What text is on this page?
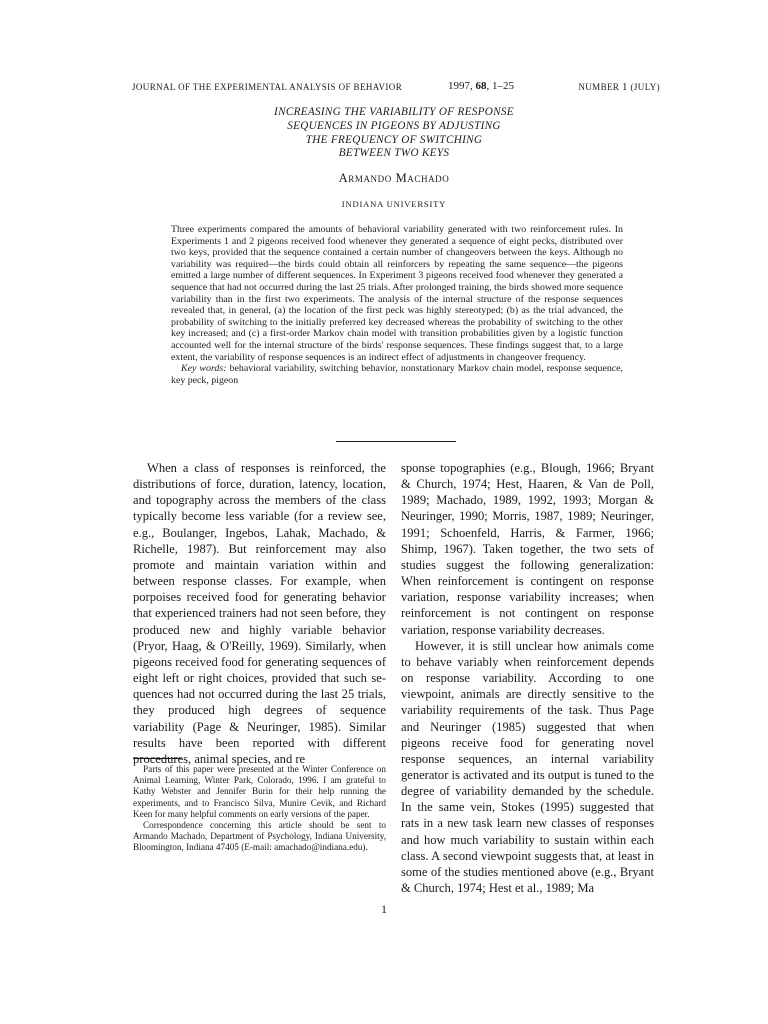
JOURNAL OF THE EXPERIMENTAL ANALYSIS OF BEHAVIOR	1997, 68, 1–25	NUMBER 1 (JULY)
INCREASING THE VARIABILITY OF RESPONSE
SEQUENCES IN PIGEONS BY ADJUSTING
THE FREQUENCY OF SWITCHING
BETWEEN TWO KEYS
Armando Machado
INDIANA UNIVERSITY

Three experiments compared the amounts of behavioral variability generated with two reinforcement rules. In Experiments 1 and 2 pigeons received food whenever they generated a sequence of eight pecks, distributed over two keys, provided that the sequence contained a certain number of changeovers between the keys. Although no variability was required—the birds could obtain all reinforcers by repeating the same sequence—the pigeons emitted a large number of different sequences. In Experiment 3 pigeons received food whenever they generated a sequence that had not occurred during the last 25 trials. After prolonged training, the birds showed more sequence variability than in the first two experiments. The analysis of the internal structure of the response sequences revealed that, in general, (a) the location of the first peck was highly stereotyped; (b) as the trial advanced, the probability of switching to the initially preferred key decreased whereas the probability of switching to the other key increased; and (c) a first-order Markov chain model with transition probabilities given by a logistic function accounted well for the internal structure of the birds' response sequences. These findings suggest that, to a large extent, the variability of response sequences is an indirect effect of adjustments in changeover frequency.

Key words: behavioral variability, switching behavior, nonstationary Markov chain model, response sequence, key peck, pigeon

When a class of responses is reinforced, the distributions of force, duration, latency, location, and topography across the members of the class typically become less variable (for a review see, e.g., Boulanger, Ingebos, Lahak, Machado, & Richelle, 1987). But reinforcement may also promote and maintain variation within and between response classes. For example, when porpoises received food for generating behavior that experienced trainers had not seen before, they produced new and highly variable behavior (Pryor, Haag, & O'Reilly, 1969). Similarly, when pigeons received food for generating sequences of eight left or right choices, provided that such sequences had not occurred during the last 25 trials, they produced high degrees of sequence variability (Page & Neuringer, 1985). Similar results have been reported with different procedures, animal species, and re

sponse topographies (e.g., Blough, 1966; Bryant & Church, 1974; Hest, Haaren, & Van de Poll, 1989; Machado, 1989, 1992, 1993; Morgan & Neuringer, 1990; Morris, 1987, 1989; Neuringer, 1991; Schoenfeld, Harris, & Farmer, 1966; Shimp, 1967). Taken together, the two sets of studies suggest the following generalization: When reinforcement is contingent on response variation, response variability increases; when reinforcement is not contingent on response variation, response variability decreases.

However, it is still unclear how animals come to behave variably when reinforcement depends on response variability. According to one viewpoint, animals are directly sensitive to the variability requirements of the task. Thus Page and Neuringer (1985) suggested that when pigeons receive food for generating novel response sequences, an internal variability generator is activated and its output is tuned to the degree of variability demanded by the schedule. In the same vein, Stokes (1995) suggested that rats in a new task learn new classes of responses and how much variability to sustain within each class. A second viewpoint suggests that, at least in some of the studies mentioned above (e.g., Bryant & Church, 1974; Hest et al., 1989; Ma

Parts of this paper were presented at the Winter Conference on Animal Learning, Winter Park, Colorado, 1996. I am grateful to Kathy Webster and Jennifer Burin for their help running the experiments, and to Francisco Silva, Munire Cevik, and Richard Keen for many helpful comments on early versions of the paper.

Correspondence concerning this article should be sent to Armando Machado, Department of Psychology, Indiana University, Bloomington, Indiana 47405 (E-mail: amachado@indiana.edu).

1
